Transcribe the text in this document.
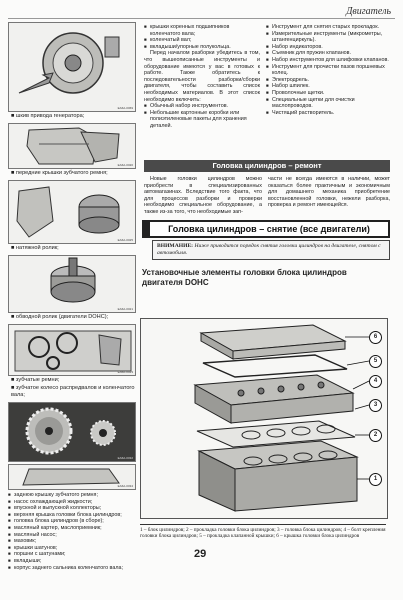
Двигатель
ЕА6А-0069
■ шкив привода генератора;
ЕА6А-0020
■ передние крышки зубчатого ремня;
ЕА6А-0025
■ натяжной ролик;
ЕА6А-0021
■ обводной ролик (двигатели DOHC);
ЕА6А-0023
■ зубчатые ремни;
■ зубчатое колесо распредвалов и коленчатого вала;
ЕА6А-0032
ЕА6А-0034
■ заднюю крышку зубчатого ремня;
■ насос охлаждающей жидкости;
■ впускной и выпускной коллекторы;
■ верхняя крышка головки блока цилиндров;
■ головка блока цилиндров (в сборе);
■ масляный картер, маслоприемник;
■ масляный насос;
■ маховик;
■ крышки шатунов;
■ поршни с шатунами;
■ вкладыши;
■ корпус заднего сальника коленчатого вала;
■ крышки коренных подшипников коленчатого вала;
■ коленчатый вал;
■ вкладыши/упорные полукольца.

Перед началом разборки убедитесь в том, что вышеописанные инструменты и оборудование имеются у вас в готовых к работе. Также обратитесь к последовательности разборки/сборки двигателя, чтобы составить список необходимых материалов. В этот список необходимо включить:

■ Обычный набор инструментов.
■ Небольшие картонные коробки или полиэтиленовые пакеты для хранения деталей.
■ Инструмент для снятия старых прокладок.
■ Измерительные инструменты (микрометры, штангенциркуль).
■ Набор индикаторов.
■ Съемник для пружин клапанов.
■ Набор инструментов для шлифовки клапанов.
■ Инструмент для прочистки пазов поршневых колец.
■ Электродрель.
■ Набор шпилек.
■ Проволочные щетки.
■ Специальные щетки для очистки маслопроводов.
■ Чистящий растворитель.
Головка цилиндров – ремонт

Новые головки цилиндров можно приобрести в специализированных автомагазинах. Вследствие того факта, что для процессов разборки и проверки необходимо специальное оборудование, а также из-за того, что необходимые зап-

части не всегда имеются в наличии, может оказаться более практичным и экономичным для домашнего механика приобретение восстановленной головки, нежели разборка, проверка и ремонт имеющейся.

Головка цилиндров – снятие (все двигатели)
ВНИМАНИЕ: Ниже приводится порядок снятия головки цилиндров на двигателе, снятом с автомобиля.
Установочные элементы головки блока цилиндров двигателя DOHC
6
5
4
3
2
1
1 – блок цилиндров; 2 – прокладка головки блока цилиндров; 3 – головка блока цилиндров; 4 – болт крепления головки блока цилиндров; 5 – прокладка клапанной крышки; 6 – крышка головки блока цилиндров
29
